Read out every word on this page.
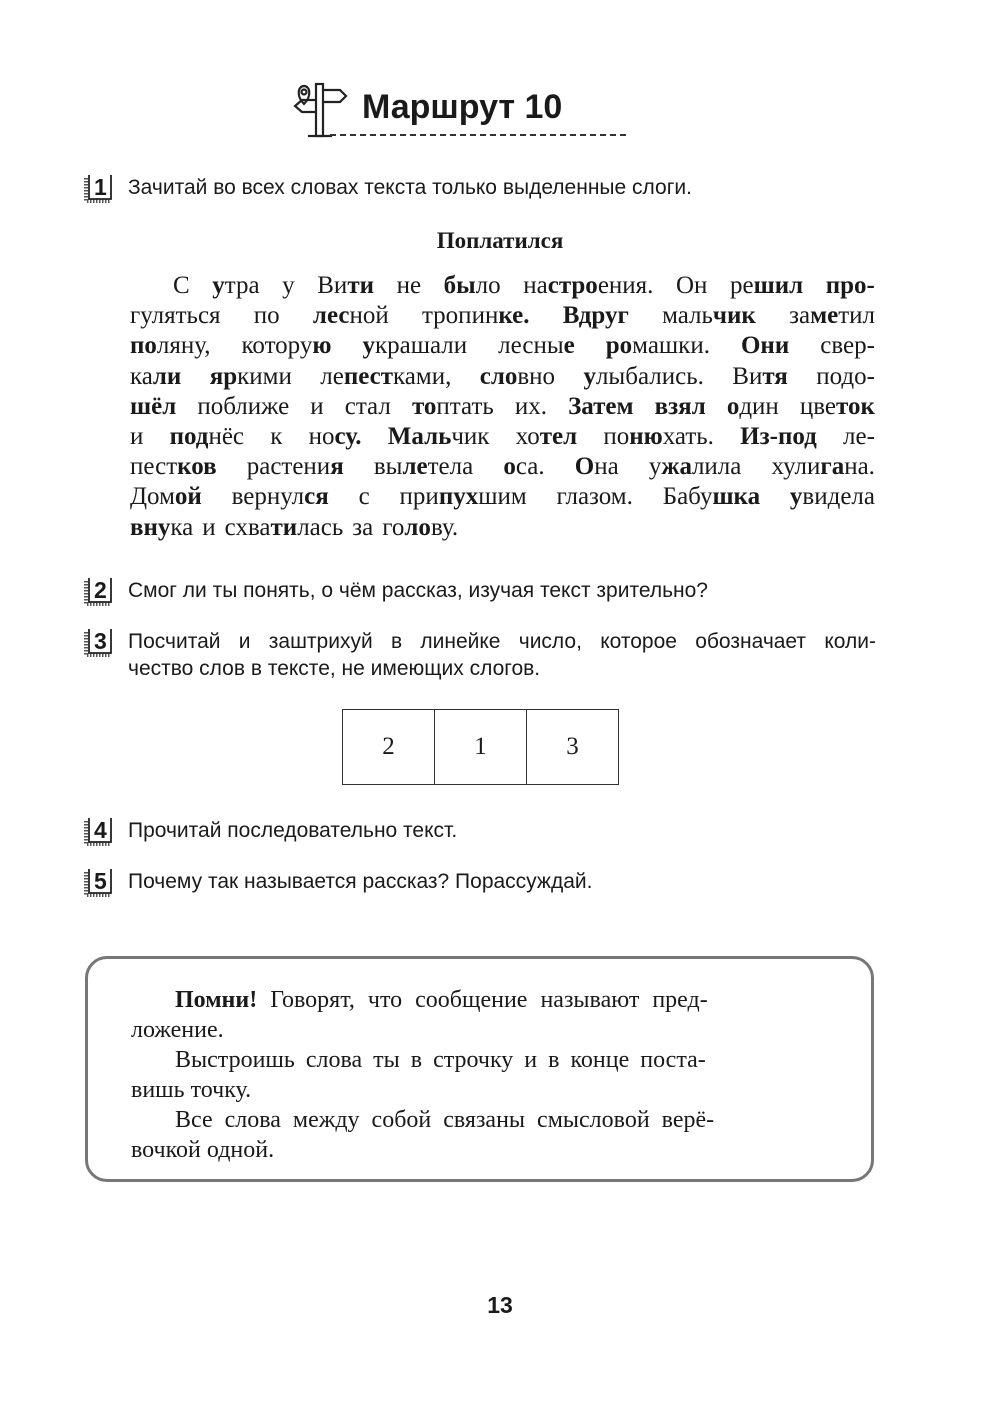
Маршрут 10
1 Зачитай во всех словах текста только выделенные слоги.
Поплатился
С утра у Вити не было настроения. Он решил про-
гуляться по лесной тропинке. Вдруг мальчик заметил
поляну, которую украшали лесные ромашки. Они свер-
кали яркими лепестками, словно улыбались. Витя подо-
шёл поближе и стал топтать их. Затем взял один цветок
и поднёс к носу. Мальчик хотел понюхать. Из-под ле-
пестков растения вылетела оса. Она ужалила хулигана.
Домой вернулся с припухшим глазом. Бабушка увидела
внука и схватилась за голову.
2 Смог ли ты понять, о чём рассказ, изучая текст зрительно?
3 Посчитай и заштрихуй в линейке число, которое обозначает коли-
чество слов в тексте, не имеющих слогов.
2	1	3
4 Прочитай последовательно текст.
5 Почему так называется рассказ? Порассуждай.
Помни! Говорят, что сообщение называют пред-
ложение.
Выстроишь слова ты в строчку и в конце поста-
вишь точку.
Все слова между собой связаны смысловой верё-
вочкой одной.
13
